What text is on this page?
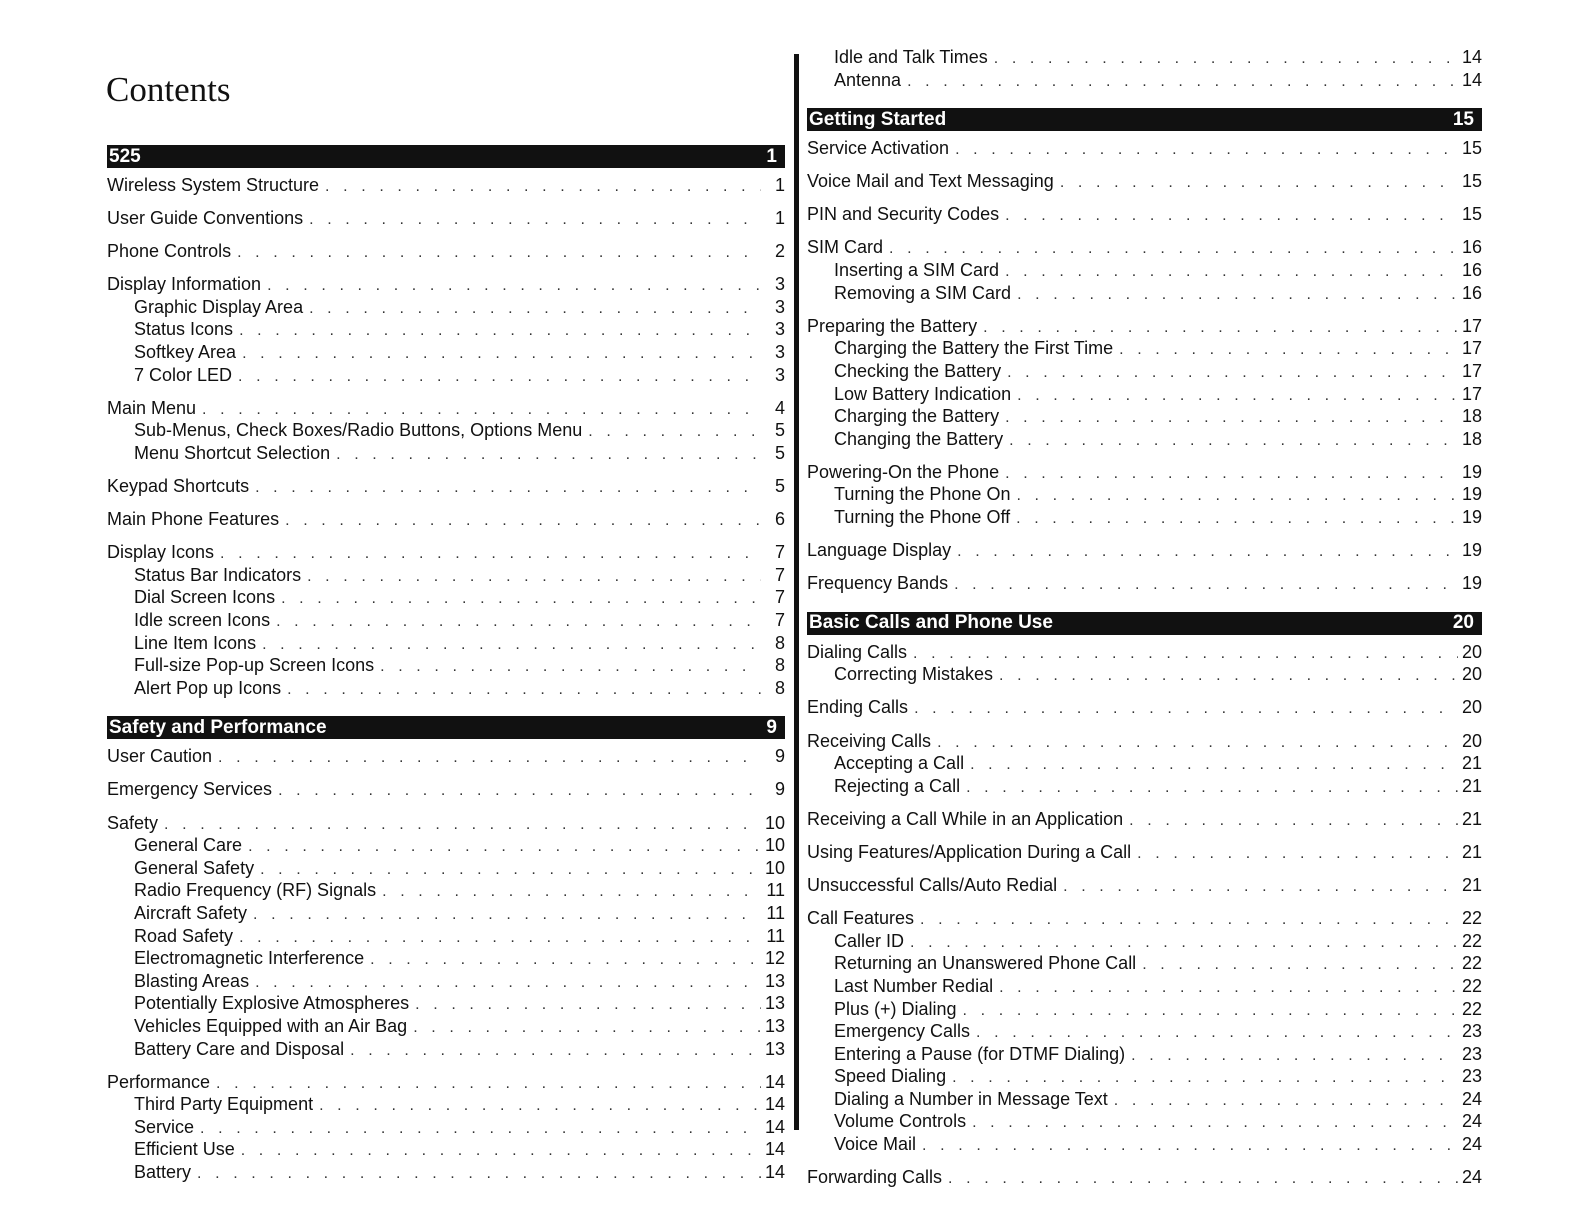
Contents
525	1
Wireless System Structure . . .	1
User Guide Conventions . . .	1
Phone Controls . . .	2
Display Information . . .	3
Graphic Display Area . . .	3
Status Icons . . .	3
Softkey Area . . .	3
7 Color LED . . .	3
Main Menu . . .	4
Sub-Menus, Check Boxes/Radio Buttons, Options Menu . . .	5
Menu Shortcut Selection . . .	5
Keypad Shortcuts . . .	5
Main Phone Features . . .	6
Display Icons . . .	7
Status Bar Indicators . . .	7
Dial Screen Icons . . .	7
Idle screen Icons . . .	7
Line Item Icons . . .	8
Full-size Pop-up Screen Icons . . .	8
Alert Pop up Icons . . .	8
Safety and Performance	9
User Caution . . .	9
Emergency Services . . .	9
Safety . . .	10
General Care . . .	10
General Safety . . .	10
Radio Frequency (RF) Signals . . .	11
Aircraft Safety . . .	11
Road Safety . . .	11
Electromagnetic Interference . . .	12
Blasting Areas . . .	13
Potentially Explosive Atmospheres . . .	13
Vehicles Equipped with an Air Bag . . .	13
Battery Care and Disposal . . .	13
Performance . . .	14
Third Party Equipment . . .	14
Service . . .	14
Efficient Use . . .	14
Battery . . .	14
Idle and Talk Times . . .	14
Antenna . . .	14
Getting Started	15
Service Activation . . .	15
Voice Mail and Text Messaging . . .	15
PIN and Security Codes . . .	15
SIM Card . . .	16
Inserting a SIM Card . . .	16
Removing a SIM Card . . .	16
Preparing the Battery . . .	17
Charging the Battery the First Time . . .	17
Checking the Battery . . .	17
Low Battery Indication . . .	17
Charging the Battery . . .	18
Changing the Battery . . .	18
Powering-On the Phone . . .	19
Turning the Phone On . . .	19
Turning the Phone Off . . .	19
Language Display . . .	19
Frequency Bands . . .	19
Basic Calls and Phone Use	20
Dialing Calls . . .	20
Correcting Mistakes . . .	20
Ending Calls . . .	20
Receiving Calls . . .	20
Accepting a Call . . .	21
Rejecting a Call . . .	21
Receiving a Call While in an Application . . .	21
Using Features/Application During a Call . . .	21
Unsuccessful Calls/Auto Redial . . .	21
Call Features . . .	22
Caller ID . . .	22
Returning an Unanswered Phone Call . . .	22
Last Number Redial . . .	22
Plus (+) Dialing . . .	22
Emergency Calls . . .	23
Entering a Pause (for DTMF Dialing) . . .	23
Speed Dialing . . .	23
Dialing a Number in Message Text . . .	24
Volume Controls . . .	24
Voice Mail . . .	24
Forwarding Calls . . .	24
